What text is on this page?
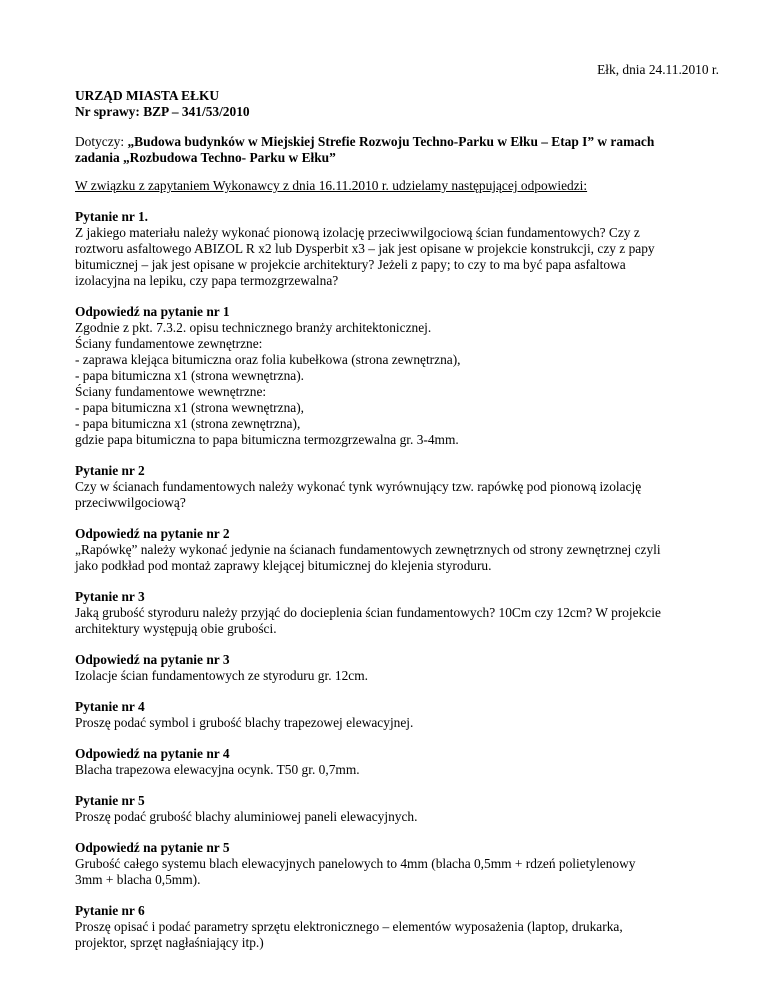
Ełk, dnia 24.11.2010 r.
URZĄD MIASTA EŁKU
Nr sprawy: BZP – 341/53/2010
Dotyczy: „Budowa budynków w Miejskiej Strefie Rozwoju Techno-Parku w Ełku – Etap I” w ramach
zadania „Rozbudowa Techno- Parku w Ełku”
W związku z zapytaniem Wykonawcy z dnia 16.11.2010 r. udzielamy następującej odpowiedzi:
Pytanie nr 1.
Z jakiego materiału należy wykonać pionową izolację przeciwwilgociową ścian fundamentowych? Czy z
roztworu asfaltowego ABIZOL R x2 lub Dysperbit x3 – jak jest opisane w projekcie konstrukcji, czy z papy
bitumicznej – jak jest opisane w projekcie architektury? Jeżeli z papy; to czy to ma być papa asfaltowa
izolacyjna na lepiku, czy papa termozgrzewalna?
Odpowiedź na pytanie nr 1
Zgodnie z pkt. 7.3.2. opisu technicznego branży architektonicznej.
Ściany fundamentowe zewnętrzne:
- zaprawa klejąca bitumiczna oraz folia kubełkowa (strona zewnętrzna),
- papa bitumiczna x1 (strona wewnętrzna).
Ściany fundamentowe wewnętrzne:
- papa bitumiczna x1 (strona wewnętrzna),
- papa bitumiczna x1 (strona zewnętrzna),
gdzie papa bitumiczna to papa bitumiczna termozgrzewalna gr. 3-4mm.
Pytanie nr 2
Czy w ścianach fundamentowych należy wykonać tynk wyrównujący tzw. rapówkę pod pionową izolację
przeciwwilgociową?
Odpowiedź na pytanie nr 2
„Rapówkę” należy wykonać jedynie na ścianach fundamentowych zewnętrznych od strony zewnętrznej czyli
jako podkład pod montaż zaprawy klejącej bitumicznej do klejenia styroduru.
Pytanie nr 3
Jaką grubość styroduru należy przyjąć do docieplenia ścian fundamentowych? 10Cm czy 12cm? W projekcie
architektury występują obie grubości.
Odpowiedź na pytanie nr 3
Izolacje ścian fundamentowych ze styroduru gr. 12cm.
Pytanie nr 4
Proszę podać symbol i grubość blachy trapezowej elewacyjnej.
Odpowiedź na pytanie nr 4
Blacha trapezowa elewacyjna ocynk. T50 gr. 0,7mm.
Pytanie nr 5
Proszę podać grubość blachy aluminiowej paneli elewacyjnych.
Odpowiedź na pytanie nr 5
Grubość całego systemu blach elewacyjnych panelowych to 4mm (blacha 0,5mm + rdzeń polietylenowy
3mm + blacha 0,5mm).
Pytanie nr 6
Proszę opisać i podać parametry sprzętu elektronicznego – elementów wyposażenia (laptop, drukarka,
projektor, sprzęt nagłaśniający itp.)
